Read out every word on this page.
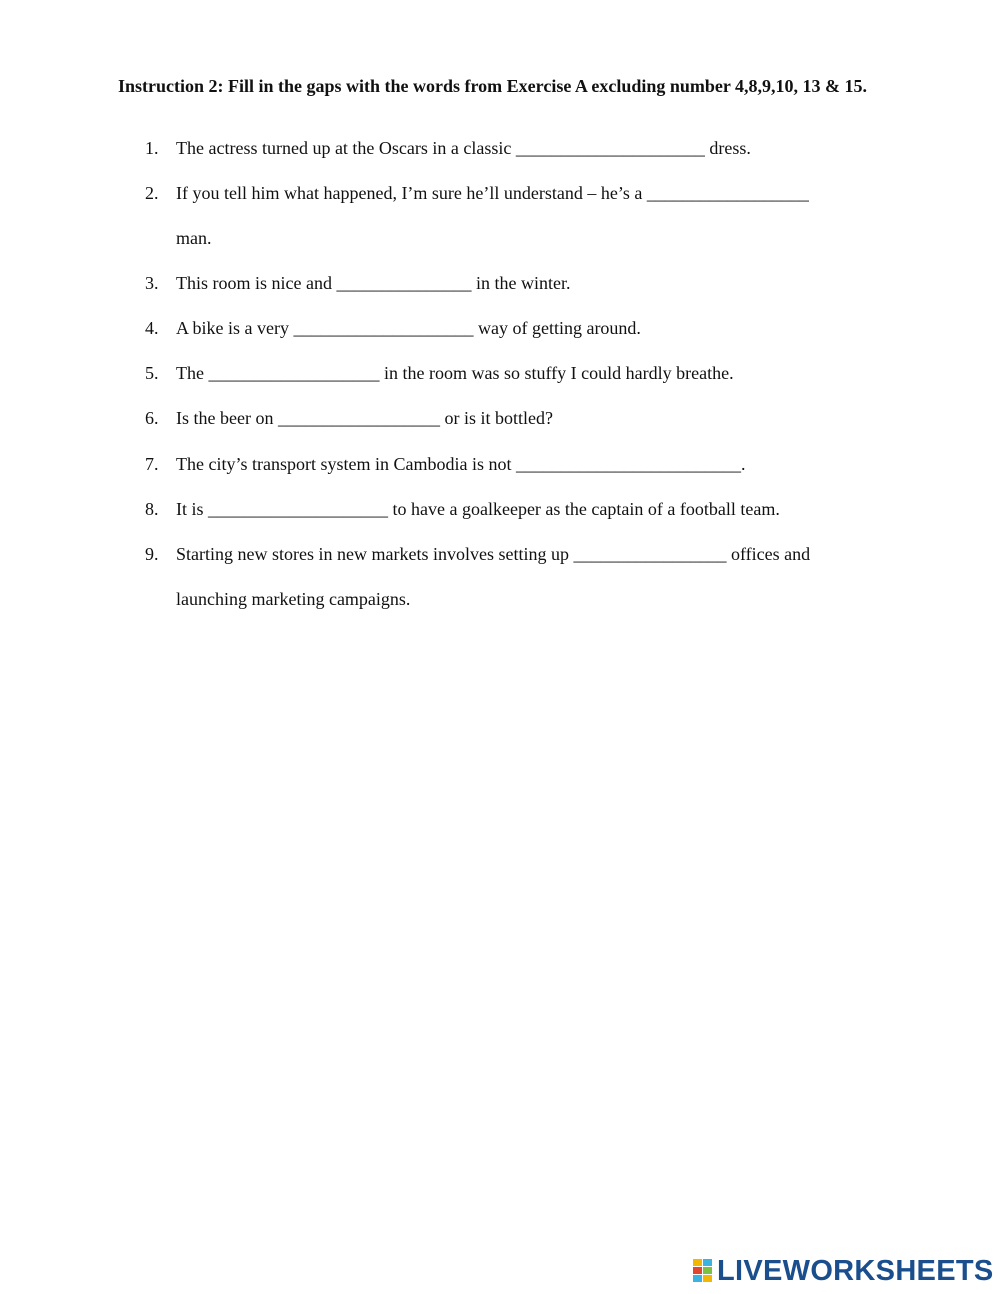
Instruction 2: Fill in the gaps with the words from Exercise A excluding number 4,8,9,10, 13 & 15.
1. The actress turned up at the Oscars in a classic _____________________ dress.
2. If you tell him what happened, I’m sure he’ll understand – he’s a __________________
man.
3. This room is nice and _______________ in the winter.
4. A bike is a very ____________________ way of getting around.
5. The ___________________ in the room was so stuffy I could hardly breathe.
6. Is the beer on __________________ or is it bottled?
7. The city’s transport system in Cambodia is not _________________________.
8. It is ____________________ to have a goalkeeper as the captain of a football team.
9. Starting new stores in new markets involves setting up _________________ offices and
launching marketing campaigns.
LIVEWORKSHEETS
